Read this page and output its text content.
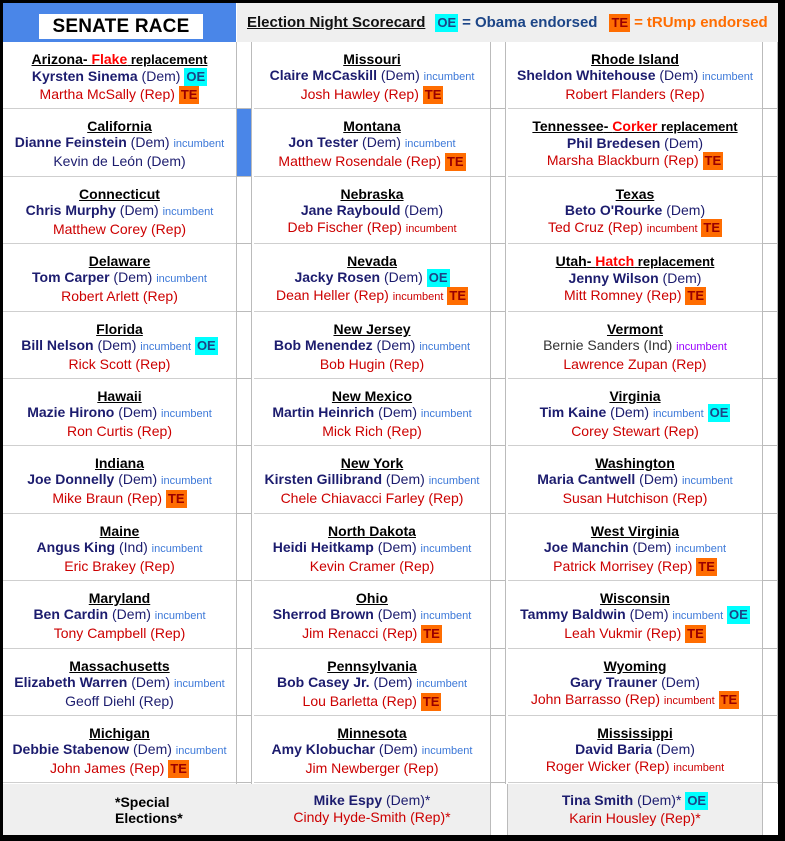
SENATE RACE	Election Night Scorecard OE = Obama endorsed TE = tRUmp endorsed
Arizona- Flake replacement
Kyrsten Sinema (Dem) OE
Martha McSally (Rep) TE
California
Dianne Feinstein (Dem) incumbent
Kevin de León (Dem)
Connecticut
Chris Murphy (Dem) incumbent
Matthew Corey (Rep)
Delaware
Tom Carper (Dem) incumbent
Robert Arlett (Rep)
Florida
Bill Nelson (Dem) incumbent OE
Rick Scott (Rep)
Hawaii
Mazie Hirono (Dem) incumbent
Ron Curtis (Rep)
Indiana
Joe Donnelly (Dem) incumbent
Mike Braun (Rep) TE
Maine
Angus King (Ind) incumbent
Eric Brakey (Rep)
Maryland
Ben Cardin (Dem) incumbent
Tony Campbell (Rep)
Massachusetts
Elizabeth Warren (Dem) incumbent
Geoff Diehl (Rep)
Michigan
Debbie Stabenow (Dem) incumbent
John James (Rep) TE
Missouri
Claire McCaskill (Dem) incumbent
Josh Hawley (Rep) TE
Montana
Jon Tester (Dem) incumbent
Matthew Rosendale (Rep) TE
Nebraska
Jane Raybould (Dem)
Deb Fischer (Rep) incumbent
Nevada
Jacky Rosen (Dem) OE
Dean Heller (Rep) incumbent TE
New Jersey
Bob Menendez (Dem) incumbent
Bob Hugin (Rep)
New Mexico
Martin Heinrich (Dem) incumbent
Mick Rich (Rep)
New York
Kirsten Gillibrand (Dem) incumbent
Chele Chiavacci Farley (Rep)
North Dakota
Heidi Heitkamp (Dem) incumbent
Kevin Cramer (Rep)
Ohio
Sherrod Brown (Dem) incumbent
Jim Renacci (Rep) TE
Pennsylvania
Bob Casey Jr. (Dem) incumbent
Lou Barletta (Rep) TE
Minnesota
Amy Klobuchar (Dem) incumbent
Jim Newberger (Rep)
Rhode Island
Sheldon Whitehouse (Dem) incumbent
Robert Flanders (Rep)
Tennessee- Corker replacement
Phil Bredesen (Dem)
Marsha Blackburn (Rep) TE
Texas
Beto O'Rourke (Dem)
Ted Cruz (Rep) incumbent TE
Utah- Hatch replacement
Jenny Wilson (Dem)
Mitt Romney (Rep) TE
Vermont
Bernie Sanders (Ind) incumbent
Lawrence Zupan (Rep)
Virginia
Tim Kaine (Dem) incumbent OE
Corey Stewart (Rep)
Washington
Maria Cantwell (Dem) incumbent
Susan Hutchison (Rep)
West Virginia
Joe Manchin (Dem) incumbent
Patrick Morrisey (Rep) TE
Wisconsin
Tammy Baldwin (Dem) incumbent OE
Leah Vukmir (Rep) TE
Wyoming
Gary Trauner (Dem)
John Barrasso (Rep) incumbent TE
Mississippi
David Baria (Dem)
Roger Wicker (Rep) incumbent
*Special Elections*
Mike Espy (Dem)*
Cindy Hyde-Smith (Rep)*
Tina Smith (Dem)* OE
Karin Housley (Rep)*
